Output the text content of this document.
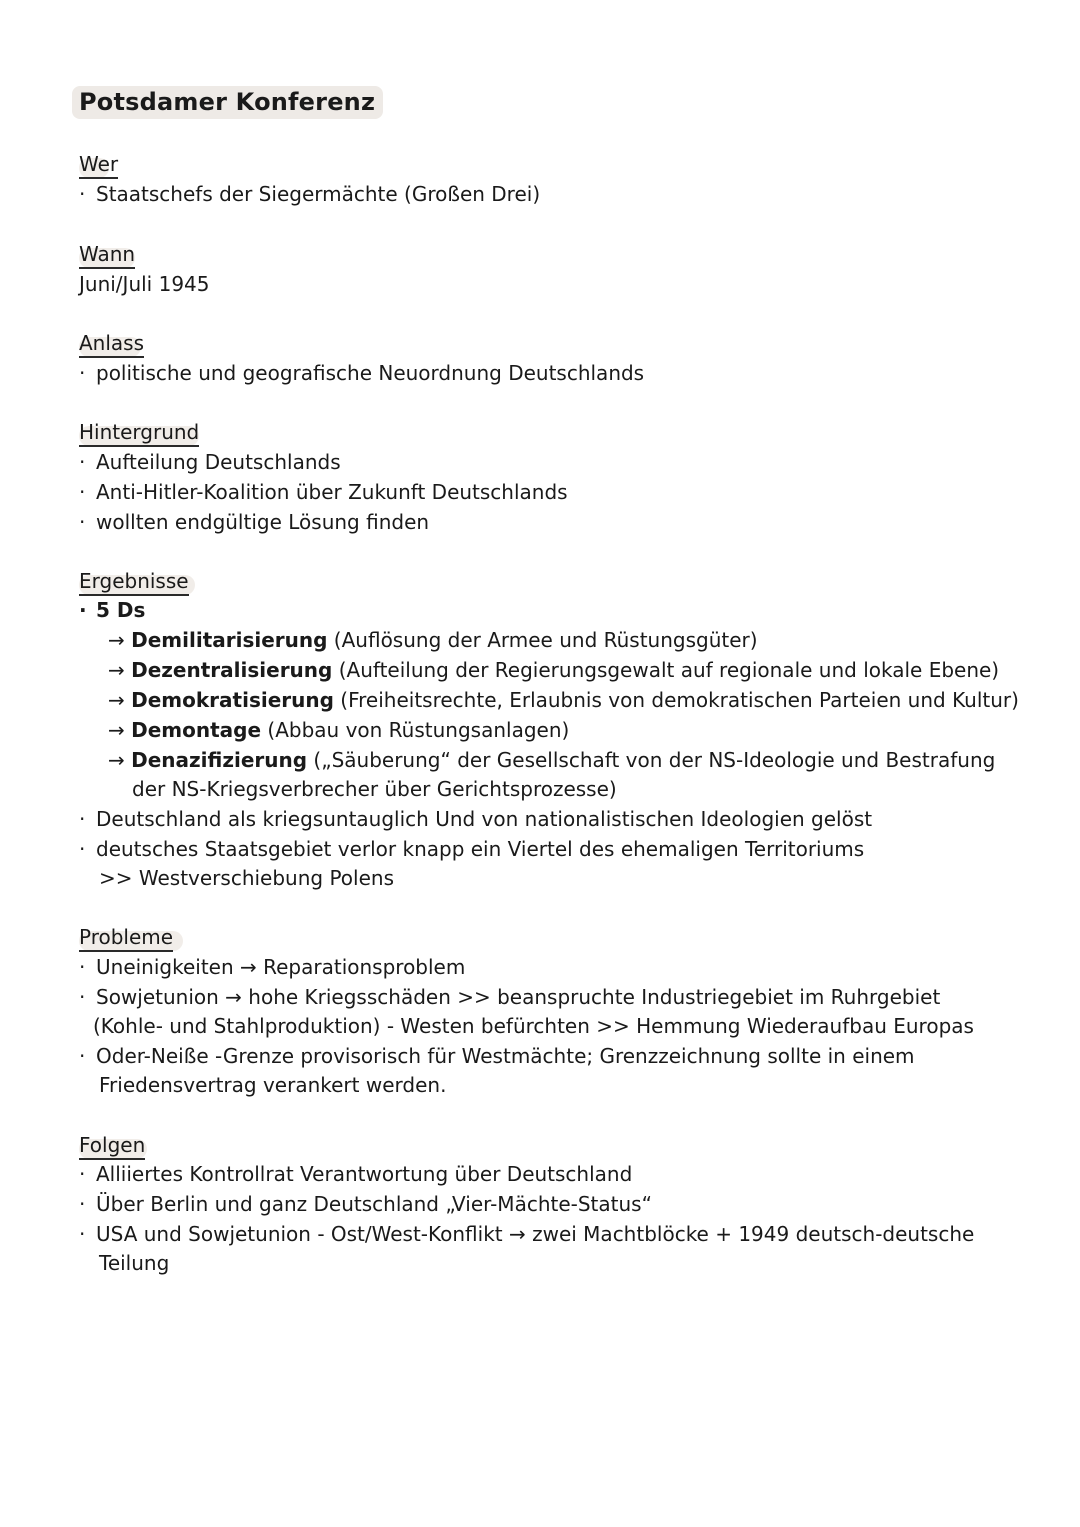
Potsdamer Konferenz
Wer
·
Staatschefs der Siegermächte (Großen Drei)
Wann
Juni/Juli 1945
Anlass
·
politische und geografische Neuordnung Deutschlands
Hintergrund
·
Aufteilung Deutschlands
·
Anti-Hitler-Koalition über Zukunft Deutschlands
·
wollten endgültige Lösung finden
Ergebnisse
·
5 Ds
→ Demilitarisierung (Auflösung der Armee und Rüstungsgüter)
→ Dezentralisierung (Aufteilung der Regierungsgewalt auf regionale und lokale Ebene)
→ Demokratisierung (Freiheitsrechte, Erlaubnis von demokratischen Parteien und Kultur)
→ Demontage (Abbau von Rüstungsanlagen)
→ Denazifizierung („Säuberung“ der Gesellschaft von der NS-Ideologie und Bestrafung
der NS-Kriegsverbrecher über Gerichtsprozesse)
·
Deutschland als kriegsuntauglich Und von nationalistischen Ideologien gelöst
·
deutsches Staatsgebiet verlor knapp ein Viertel des ehemaligen Territoriums
>> Westverschiebung Polens
Probleme
·
Uneinigkeiten → Reparationsproblem
·
Sowjetunion → hohe Kriegsschäden >> beanspruchte Industriegebiet im Ruhrgebiet
(Kohle- und Stahlproduktion) - Westen befürchten >> Hemmung Wiederaufbau Europas
·
Oder-Neiße -Grenze provisorisch für Westmächte; Grenzzeichnung sollte in einem
Friedensvertrag verankert werden.
Folgen
·
Alliiertes Kontrollrat Verantwortung über Deutschland
·
Über Berlin und ganz Deutschland „Vier-Mächte-Status“
·
USA und Sowjetunion - Ost/West-Konflikt → zwei Machtblöcke + 1949 deutsch-deutsche
Teilung
